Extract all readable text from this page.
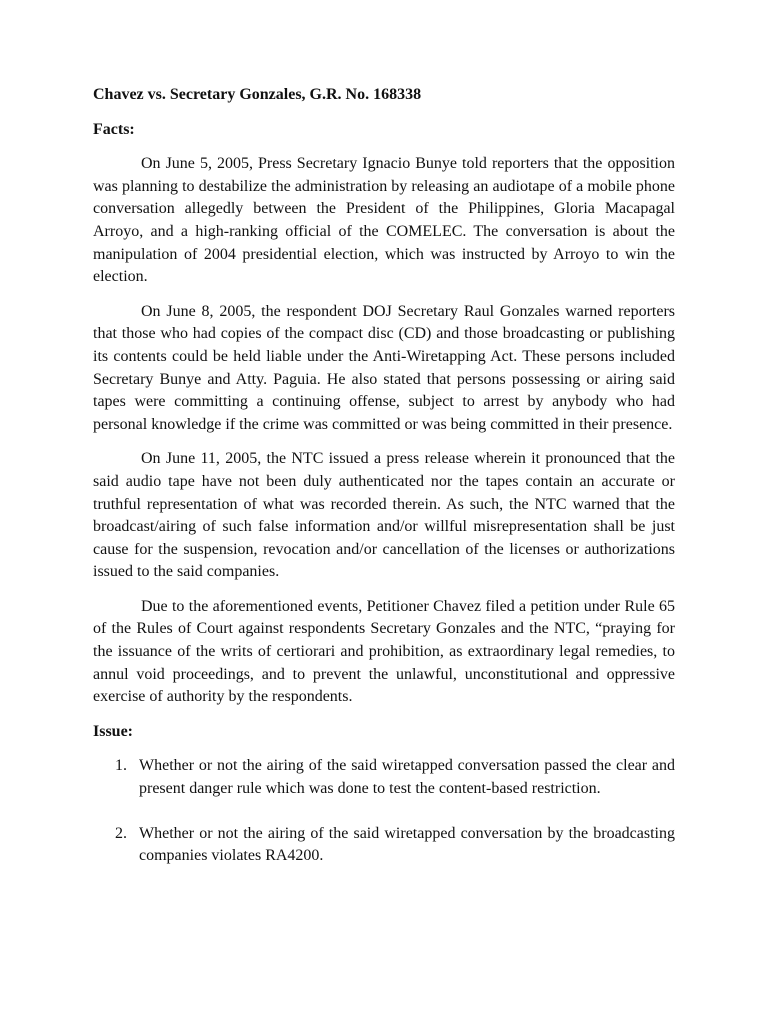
Chavez vs. Secretary Gonzales, G.R. No. 168338
Facts:

On June 5, 2005, Press Secretary Ignacio Bunye told reporters that the opposition was planning to destabilize the administration by releasing an audiotape of a mobile phone conversation allegedly between the President of the Philippines, Gloria Macapagal Arroyo, and a high-ranking official of the COMELEC. The conversation is about the manipulation of 2004 presidential election, which was instructed by Arroyo to win the election.

On June 8, 2005, the respondent DOJ Secretary Raul Gonzales warned reporters that those who had copies of the compact disc (CD) and those broadcasting or publishing its contents could be held liable under the Anti-Wiretapping Act. These persons included Secretary Bunye and Atty. Paguia. He also stated that persons possessing or airing said tapes were committing a continuing offense, subject to arrest by anybody who had personal knowledge if the crime was committed or was being committed in their presence.

On June 11, 2005, the NTC issued a press release wherein it pronounced that the said audio tape have not been duly authenticated nor the tapes contain an accurate or truthful representation of what was recorded therein. As such, the NTC warned that the broadcast/airing of such false information and/or willful misrepresentation shall be just cause for the suspension, revocation and/or cancellation of the licenses or authorizations issued to the said companies.

Due to the aforementioned events, Petitioner Chavez filed a petition under Rule 65 of the Rules of Court against respondents Secretary Gonzales and the NTC, “praying for the issuance of the writs of certiorari and prohibition, as extraordinary legal remedies, to annul void proceedings, and to prevent the unlawful, unconstitutional and oppressive exercise of authority by the respondents.

Issue:
1. Whether or not the airing of the said wiretapped conversation passed the clear and present danger rule which was done to test the content-based restriction.
2. Whether or not the airing of the said wiretapped conversation by the broadcasting companies violates RA4200.
